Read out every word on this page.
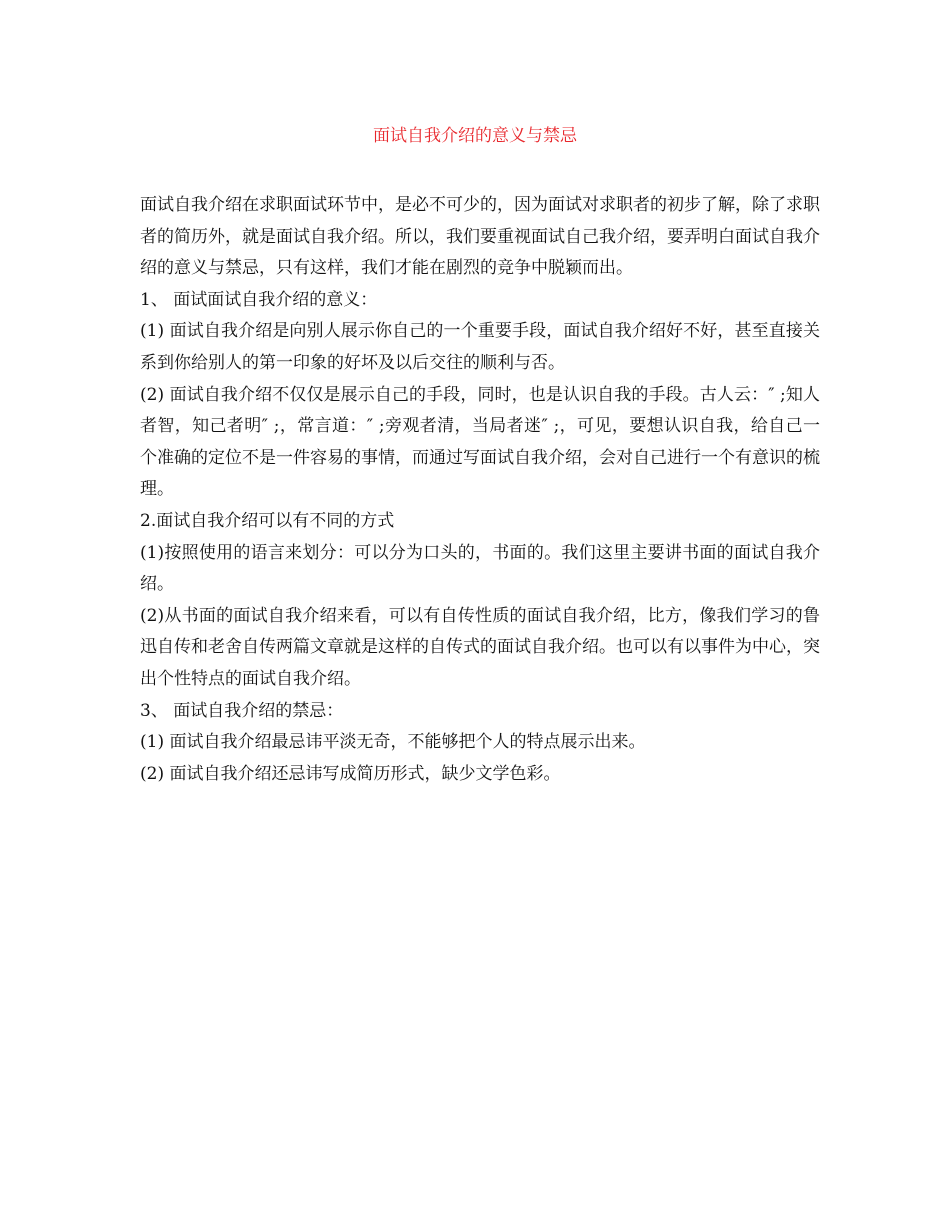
面试自我介绍的意义与禁忌

面试自我介绍在求职面试环节中，是必不可少的，因为面试对求职者的初步了解，除了求职者的简历外，就是面试自我介绍。所以，我们要重视面试自己我介绍，要弄明白面试自我介绍的意义与禁忌，只有这样，我们才能在剧烈的竞争中脱颖而出。

1、 面试面试自我介绍的意义：

(1) 面试自我介绍是向别人展示你自己的一个重要手段，面试自我介绍好不好，甚至直接关系到你给别人的第一印象的好坏及以后交往的顺利与否。

(2) 面试自我介绍不仅仅是展示自己的手段，同时，也是认识自我的手段。古人云：″ ;知人者智，知己者明″ ;，常言道：″ ;旁观者清，当局者迷″ ;，可见，要想认识自我，给自己一个准确的定位不是一件容易的事情，而通过写面试自我介绍，会对自己进行一个有意识的梳理。

2.面试自我介绍可以有不同的方式

(1)按照使用的语言来划分：可以分为口头的，书面的。我们这里主要讲书面的面试自我介绍。

(2)从书面的面试自我介绍来看，可以有自传性质的面试自我介绍，比方，像我们学习的鲁迅自传和老舍自传两篇文章就是这样的自传式的面试自我介绍。也可以有以事件为中心，突出个性特点的面试自我介绍。

3、 面试自我介绍的禁忌：

(1) 面试自我介绍最忌讳平淡无奇，不能够把个人的特点展示出来。

(2) 面试自我介绍还忌讳写成简历形式，缺少文学色彩。
